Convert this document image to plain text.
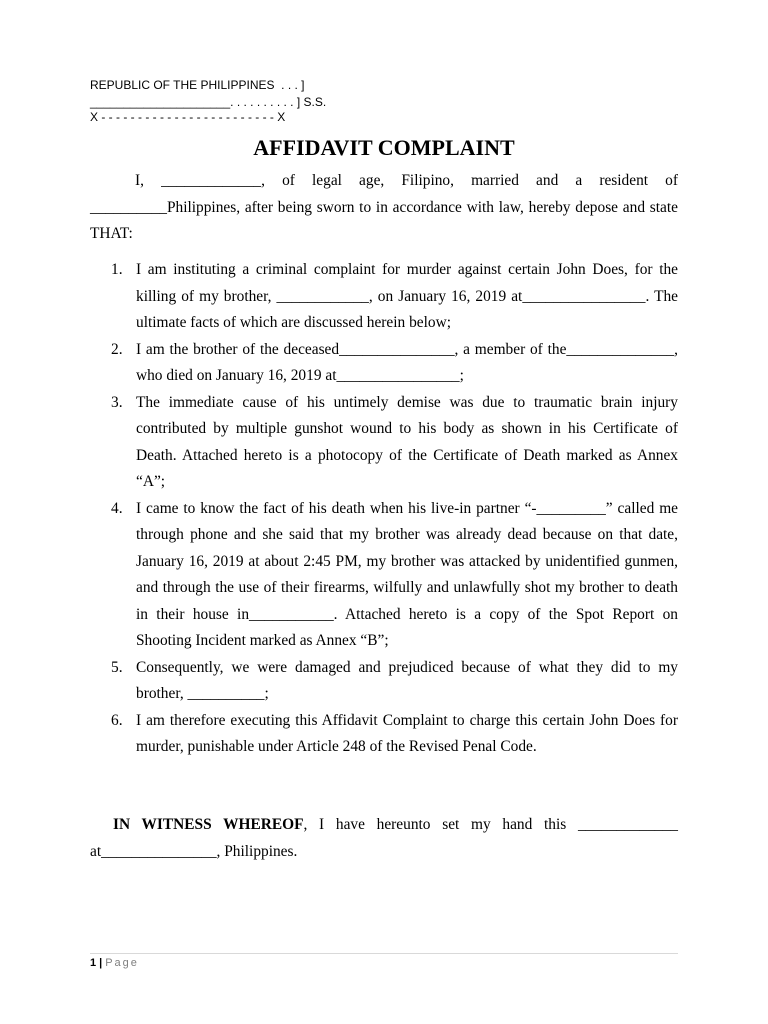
REPUBLIC OF THE PHILIPPINES  . . . ]
_____________________. . . . . . . . . . ] S.S.
X - - - - - - - - - - - - - - - - - - - - - - - - X
AFFIDAVIT COMPLAINT

I, _____________, of legal age, Filipino, married and a resident of __________Philippines, after being sworn to in accordance with law, hereby depose and state THAT:

1. I am instituting a criminal complaint for murder against certain John Does, for the killing of my brother, ____________, on January 16, 2019 at________________. The ultimate facts of which are discussed herein below;
2. I am the brother of the deceased_______________, a member of the______________, who died on January 16, 2019 at________________;
3. The immediate cause of his untimely demise was due to traumatic brain injury contributed by multiple gunshot wound to his body as shown in his Certificate of Death. Attached hereto is a photocopy of the Certificate of Death marked as Annex “A”;
4. I came to know the fact of his death when his live-in partner “-_________” called me through phone and she said that my brother was already dead because on that date, January 16, 2019 at about 2:45 PM, my brother was attacked by unidentified gunmen, and through the use of their firearms, wilfully and unlawfully shot my brother to death in their house in___________. Attached hereto is a copy of the Spot Report on Shooting Incident marked as Annex “B”;
5. Consequently, we were damaged and prejudiced because of what they did to my brother, __________;
6. I am therefore executing this Affidavit Complaint to charge this certain John Does for murder, punishable under Article 248 of the Revised Penal Code.

IN WITNESS WHEREOF, I have hereunto set my hand this _____________ at_______________, Philippines.

1 | Page
